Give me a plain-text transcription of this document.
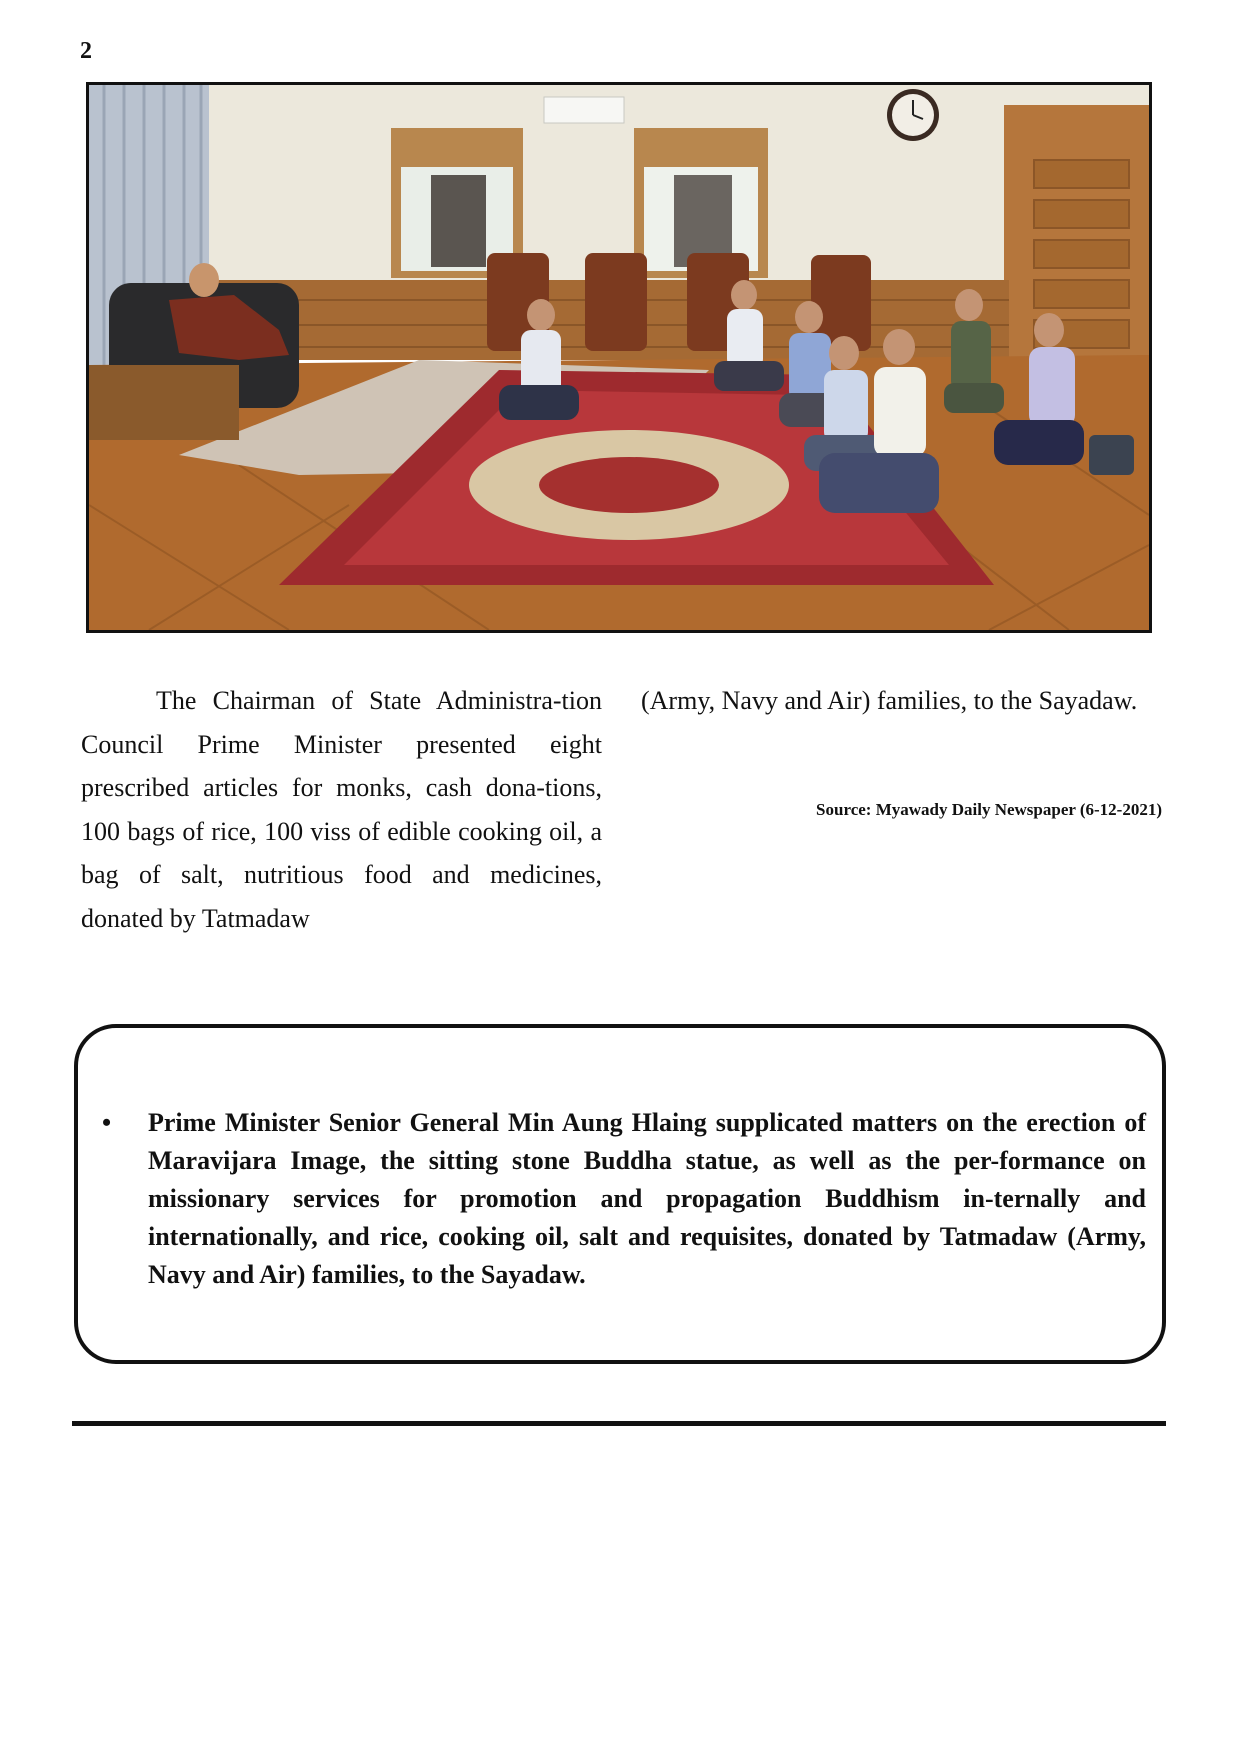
2

The Chairman of State Administra-tion Council Prime Minister presented eight prescribed articles for monks, cash dona-tions, 100 bags of rice, 100 viss of edible cooking oil, a bag of salt, nutritious food and medicines, donated by Tatmadaw

(Army, Navy and Air) families, to the Sayadaw.

Source: Myawady Daily Newspaper (6-12-2021)
• Prime Minister Senior General Min Aung Hlaing supplicated matters on the erection of Maravijara Image, the sitting stone Buddha statue, as well as the per-formance on missionary services for promotion and propagation Buddhism in-ternally and internationally, and rice, cooking oil, salt and requisites, donated by Tatmadaw (Army, Navy and Air) families, to the Sayadaw.
